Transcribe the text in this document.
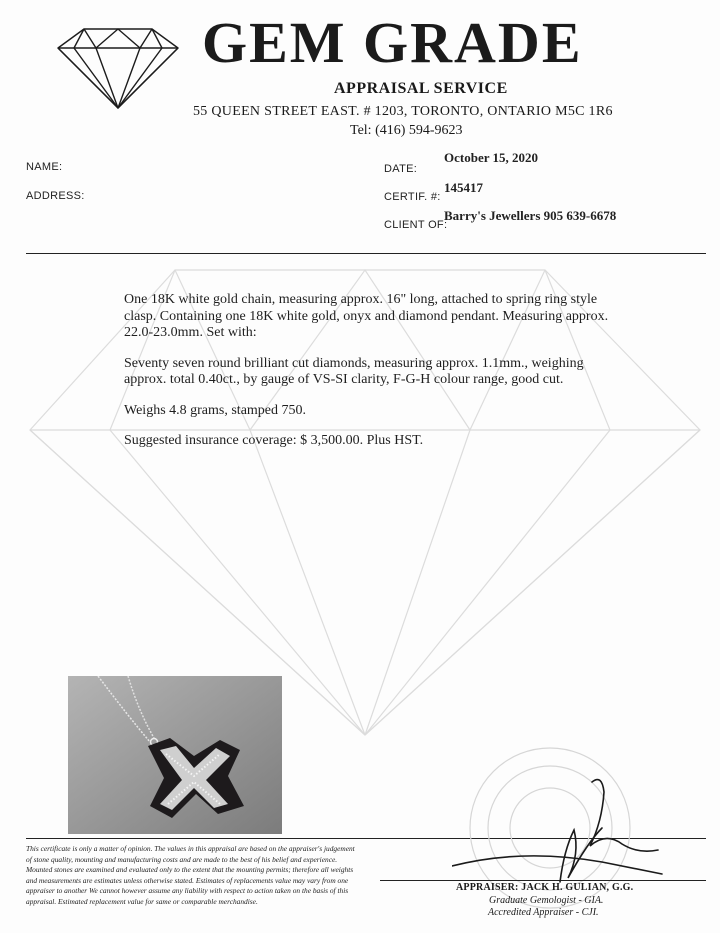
GEM GRADE
APPRAISAL SERVICE
55 QUEEN STREET EAST. # 1203, TORONTO, ONTARIO M5C 1R6
Tel: (416) 594-9623
NAME:
ADDRESS:
DATE:
October 15, 2020
CERTIF. #:
145417
CLIENT OF:
Barry's Jewellers 905 639-6678

One 18K white gold chain, measuring approx. 16" long, attached to spring ring style clasp. Containing one 18K white gold, onyx and diamond pendant. Measuring approx. 22.0-23.0mm. Set with:

Seventy seven round brilliant cut diamonds, measuring approx. 1.1mm., weighing approx. total 0.40ct., by gauge of VS-SI clarity, F-G-H colour range, good cut.

Weighs 4.8 grams, stamped 750.

Suggested insurance coverage: $ 3,500.00. Plus HST.

This certificate is only a matter of opinion. The values in this appraisal are based on the appraiser's judgement of stone quality, mounting and manufacturing costs and are made to the best of his belief and experience. Mounted stones are examined and evaluated only to the extent that the mounting permits; therefore all weights and measurements are estimates unless otherwise stated. Estimates of replacements value may vary from one appraiser to another We cannot however assume any liability with respect to action taken on the basis of this appraisal. Estimated replacement value for same or comparable merchandise.
APPRAISER: JACK H. GULIAN, G.G.
Graduate Gemologist - GIA.
Accredited Appraiser - CJI.
